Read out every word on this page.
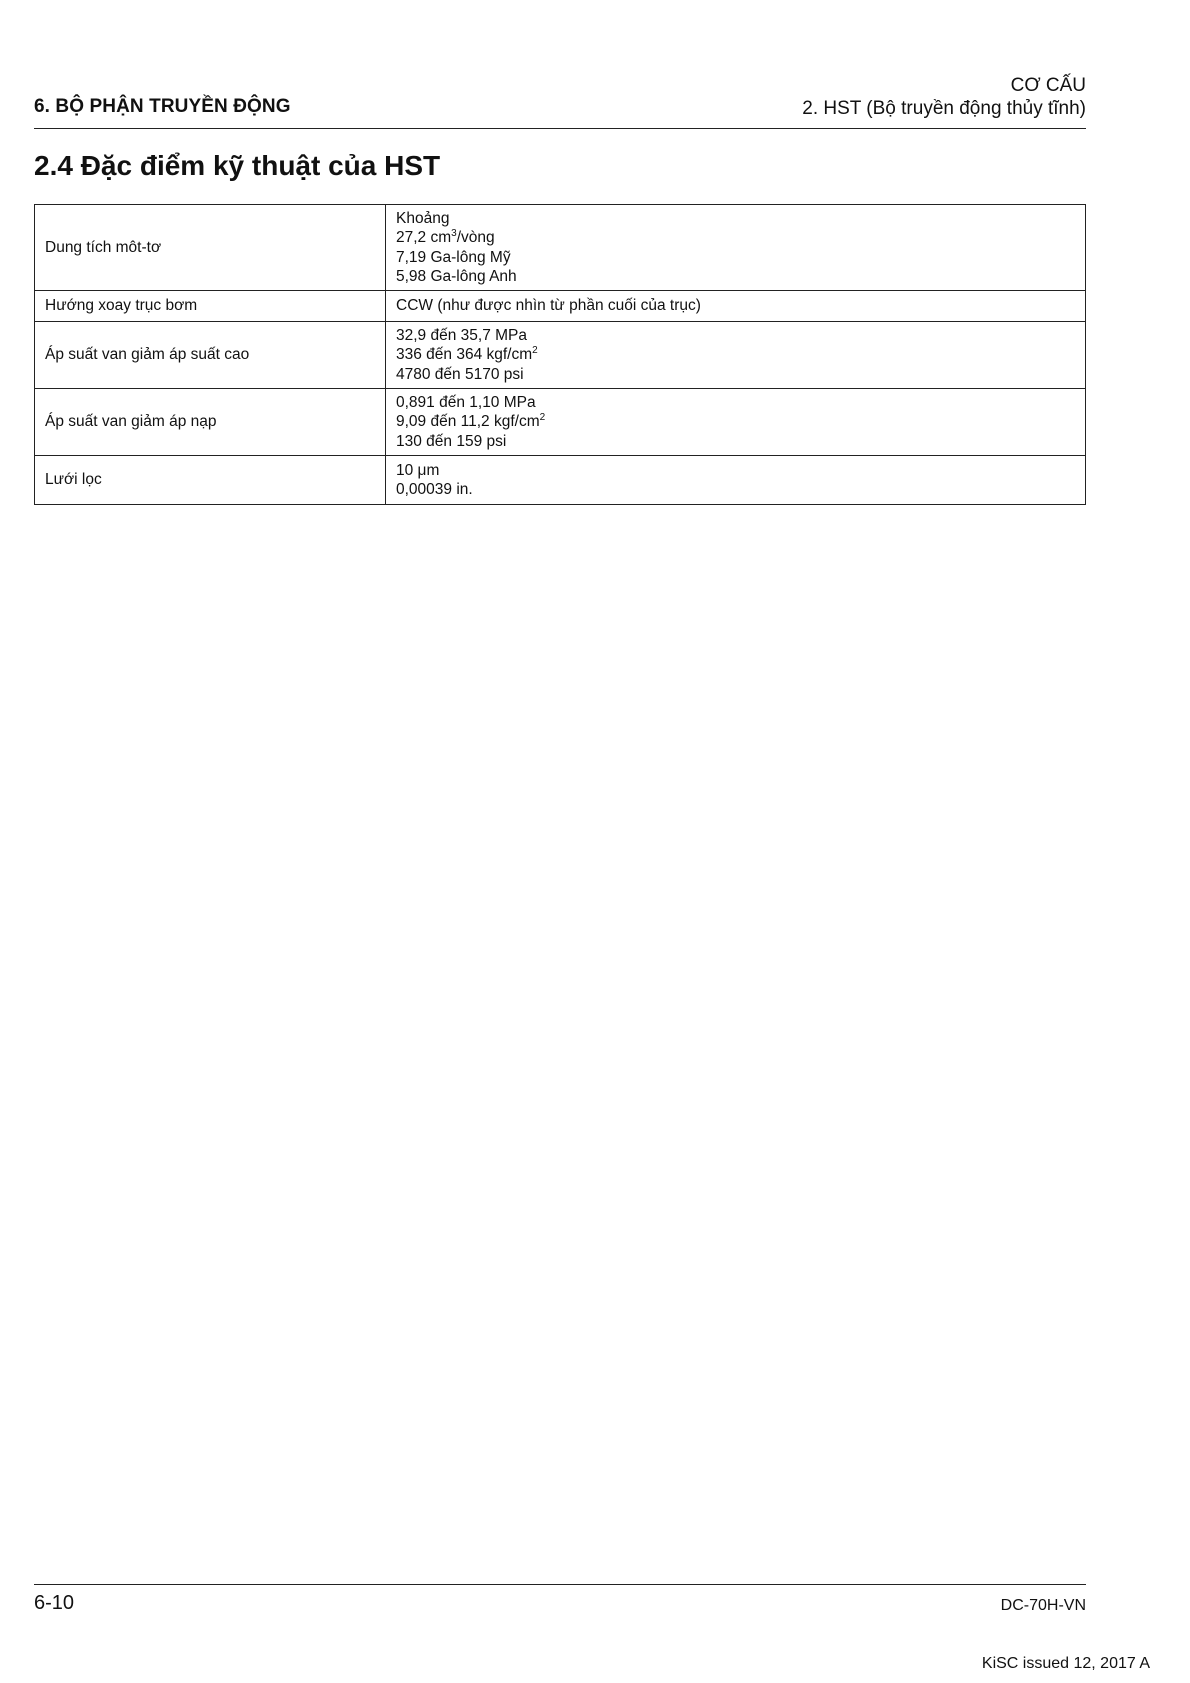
6. BỘ PHẬN TRUYỀN ĐỘNG
CƠ CẤU
2. HST (Bộ truyền động thủy tĩnh)
2.4 Đặc điểm kỹ thuật của HST
Dung tích môt-tơ	Khoảng
27,2 $cm^3$/vòng
7,19 Ga-lông Mỹ
5,98 Ga-lông Anh

Hướng xoay trục bơm	CCW (như được nhìn từ phần cuối của trục)

Áp suất van giảm áp suất cao	32,9 đến 35,7 MPa
336 đến 364 kgf/$cm^2$
4780 đến 5170 psi

Áp suất van giảm áp nạp	0,891 đến 1,10 MPa
9,09 đến 11,2 kgf/$cm^2$
130 đến 159 psi

Lưới lọc	10 μm
0,00039 in.
6-10	DC-70H-VN
KiSC issued 12, 2017 A
